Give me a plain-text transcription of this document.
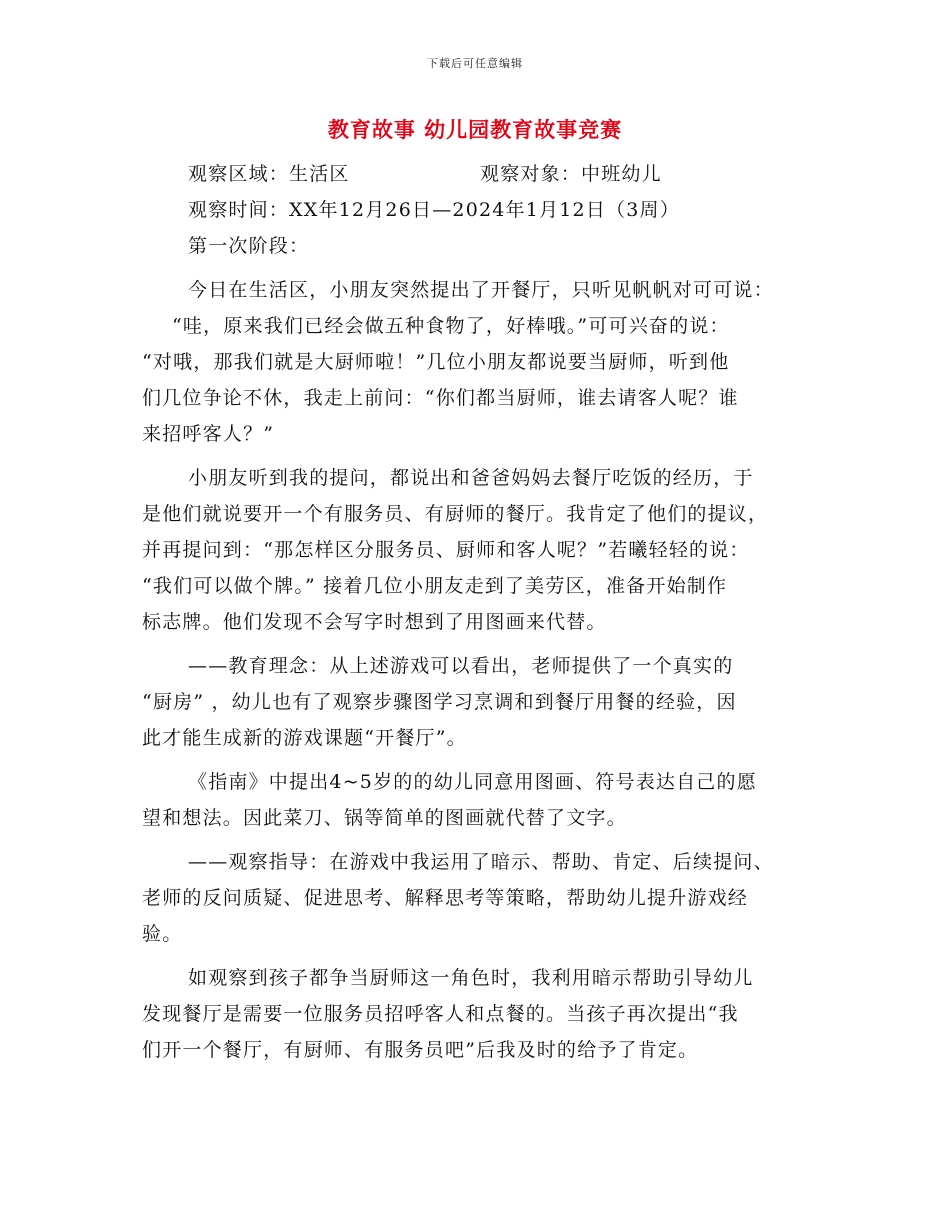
下载后可任意编辑
教育故事 幼儿园教育故事竞赛
观察区域：生活区	观察对象：中班幼儿
观察时间：XX年12月26日—2024年1月12日（3周）
第一次阶段：
今日在生活区，小朋友突然提出了开餐厅，只听见帆帆对可可说：
“哇，原来我们已经会做五种食物了，好棒哦。”可可兴奋的说：
“对哦，那我们就是大厨师啦！”几位小朋友都说要当厨师，听到他
们几位争论不休，我走上前问：“你们都当厨师，谁去请客人呢？谁
来招呼客人？”
小朋友听到我的提问，都说出和爸爸妈妈去餐厅吃饭的经历，于
是他们就说要开一个有服务员、有厨师的餐厅。我肯定了他们的提议，
并再提问到：“那怎样区分服务员、厨师和客人呢？”若曦轻轻的说：
“我们可以做个牌。” 接着几位小朋友走到了美劳区，准备开始制作
标志牌。他们发现不会写字时想到了用图画来代替。
——教育理念：从上述游戏可以看出，老师提供了一个真实的
“厨房” ，幼儿也有了观察步骤图学习烹调和到餐厅用餐的经验，因
此才能生成新的游戏课题“开餐厅”。
《指南》中提出4~5岁的的幼儿同意用图画、符号表达自己的愿
望和想法。因此菜刀、锅等简单的图画就代替了文字。
——观察指导：在游戏中我运用了暗示、帮助、肯定、后续提问、
老师的反问质疑、促进思考、解释思考等策略，帮助幼儿提升游戏经
验。
如观察到孩子都争当厨师这一角色时，我利用暗示帮助引导幼儿
发现餐厅是需要一位服务员招呼客人和点餐的。当孩子再次提出“我
们开一个餐厅，有厨师、有服务员吧”后我及时的给予了肯定。
